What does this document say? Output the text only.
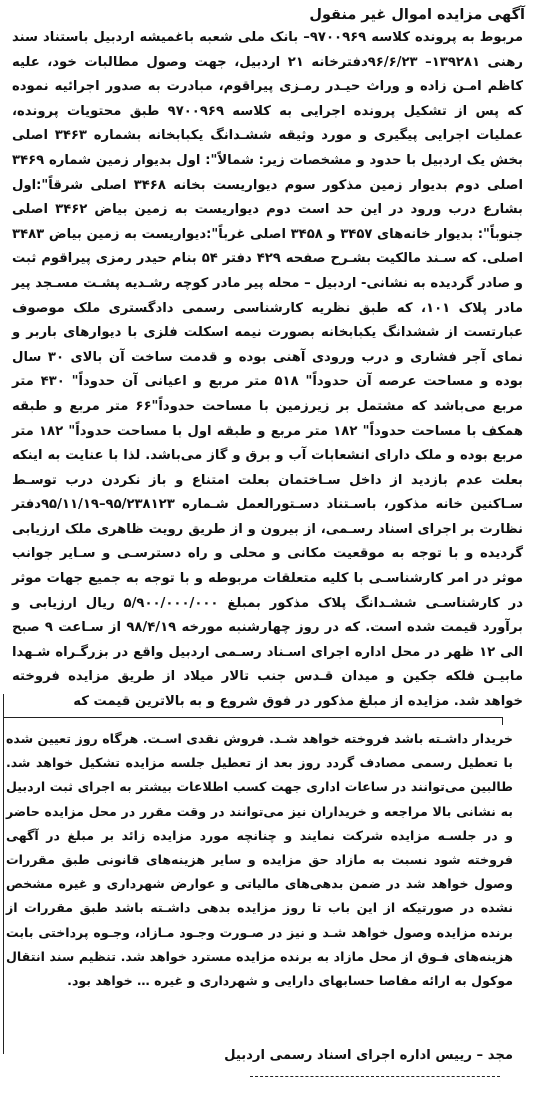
آگهی مزایده اموال غیر منقول
مربوط به پرونده کلاسه ۹۷۰۰۹۶۹– بانک ملی شعبه باغمیشه اردبیل باستناد سند رهنی ۱۳۹۲۸۱– ۹۶/۶/۲۳دفترخانه ۲۱ اردبیل، جهت وصول مطالبات خود، علیه کاظم امـن زاده و وراث حیـدر رمـزی پیراقوم، مبادرت به صدور اجرائیه نموده که پس از تشکیل پرونده اجرایی به کلاسه ۹۷۰۰۹۶۹ طبق محتویات پرونده، عملیات اجرایی پیگیری و مورد وثیقه ششـدانگ یکبابخانه بشماره ۳۴۶۳ اصلی بخش یک اردبیل با حدود و مشخصات زیر: شمالاً": اول بدیوار زمین شماره ۳۴۶۹ اصلی دوم بدیوار زمین مذکور سوم دیواریست بخانه ۳۴۶۸ اصلی شرقاً":اول بشارع درب ورود در این حد است دوم دیواریست به زمین بیاض ۳۴۶۲ اصلی جنوباً": بدیوار خانه‌های ۳۴۵۷ و ۳۴۵۸ اصلی غرباً":دیواریست به زمین بیاض ۳۴۸۳ اصلی. که سـند مالکیت بشـرح صفحه ۴۲۹ دفتر ۵۴ بنام حیدر رمزی پیراقوم ثبت و صادر گردیده به نشانی- اردبیل – محله پیر مادر کوچه رشـدیه پشـت مسـجد پیر مادر پلاک ۱۰۱، که طبق نظریه کارشناسی رسمی دادگستری ملک موصوف عبارتست از ششدانگ یکبابخانه بصورت نیمه اسکلت فلزی با دیوارهای باربر و نمای آجر فشاری و درب ورودی آهنی بوده و قدمت ساخت آن بالای ۳۰ سال بوده و مساحت عرصه آن حدوداً" ۵۱۸ متر مربع و اعیانی آن حدوداً" ۴۳۰ متر مربع می‌باشد که مشتمل بر زیرزمین با مساحت حدوداً"۶۶ متر مربع و طبقه همکف با مساحت حدوداً" ۱۸۲ متر مربع و طبقه اول با مساحت حدوداً" ۱۸۲ متر مربع بوده و ملک دارای انشعابات آب و برق و گاز می‌باشد. لذا با عنایت به اینکه بعلت عدم بازدید از داخل سـاختمان بعلت امتناع و باز نکردن درب توسـط سـاکنین خانه مذکور، باسـتناد دسـتورالعمل شـماره ۹۵/۲۳۸۱۲۳–۹۵/۱۱/۱۹دفتر نظارت بر اجرای اسناد رسـمی، از بیرون و از طریق رویت ظاهری ملک ارزیابی گردیده و با توجه به موقعیت مکانی و محلی و راه دسترسـی و سـایر جوانب موثر در امر کارشناسـی با کلیه متعلقات مربوطه و با توجه به جمیع جهات موثر در کارشناسـی ششـدانگ پلاک مذکور بمبلغ ۵/۹۰۰/۰۰۰/۰۰۰ ریال ارزیابی و برآورد قیمت شده است. که در روز چهارشنبه مورخه ۹۸/۴/۱۹ از سـاعت ۹ صبح الی ۱۲ ظهر در محل اداره اجرای اسـناد رسـمی اردبیل واقع در بزرگـراه شـهدا مابیـن فلکه جکین و میدان قـدس جنب تالار میلاد از طریق مزایده فروخته خواهد شد. مزایده از مبلغ مذکور در فوق شروع و به بالاترین قیمت که
خریدار داشـته باشد فروخته خواهد شـد. فروش نقدی اسـت. هرگاه روز تعیین شده با تعطیل رسمی مصادف گردد روز بعد از تعطیل جلسه مزایده تشکیل خواهد شد. طالبین می‌توانند در ساعات اداری جهت کسب اطلاعات بیشتر به اجرای ثبت اردبیل به نشانی بالا مراجعه و خریداران نیز می‌توانند در وقت مقرر در محل مزایده حاضر و در جلسـه مزایده شرکت نمایند و چنانچه مورد مزایده زائد بر مبلغ در آگهی فروخته شود نسبت به مازاد حق مزایده و سایر هزینه‌های قانونی طبق مقررات وصول خواهد شد در ضمن بدهی‌های مالیاتی و عوارض شهرداری و غیره مشخص نشده در صورتیکه از این باب تا روز مزایده بدهی داشـته باشد طبق مقررات از برنده مزایده وصول خواهد شـد و نیز در صـورت وجـود مـازاد، وجـوه پرداختی بابت هزینه‌های فـوق از محل مازاد به برنده مزایده مسترد خواهد شد. تنظیم سند انتقال موکول به ارائه مفاصا حسابهای دارایی و شهرداری و غیره … خواهد بود.
مجد – رییس اداره اجرای اسناد رسمی اردبیل
